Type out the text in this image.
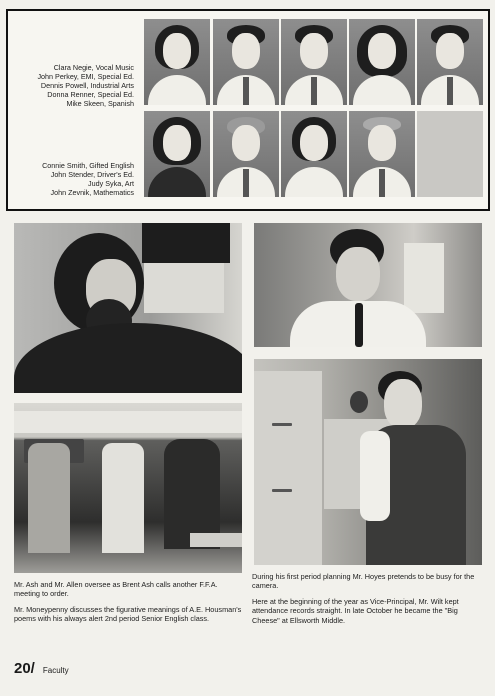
Clara Negie, Vocal Music
John Perkey, EMI, Special Ed.
Dennis Powell, Industrial Arts
Donna Renner, Special Ed.
Mike Skeen, Spanish
Connie Smith, Gifted English
John Stender, Driver's Ed.
Judy Syka, Art
John Zevnik, Mathematics

Mr. Ash and Mr. Allen oversee as Brent Ash calls another F.F.A. meeting to order.

Mr. Moneypenny discusses the figurative meanings of A.E. Housman's poems with his always alert 2nd period Senior English class.

During his first period planning Mr. Hoyes pretends to be busy for the camera.

Here at the beginning of the year as Vice-Principal, Mr. Wilt kept attendance records straight. In late October he became the "Big Cheese" at Ellsworth Middle.

20/ Faculty
